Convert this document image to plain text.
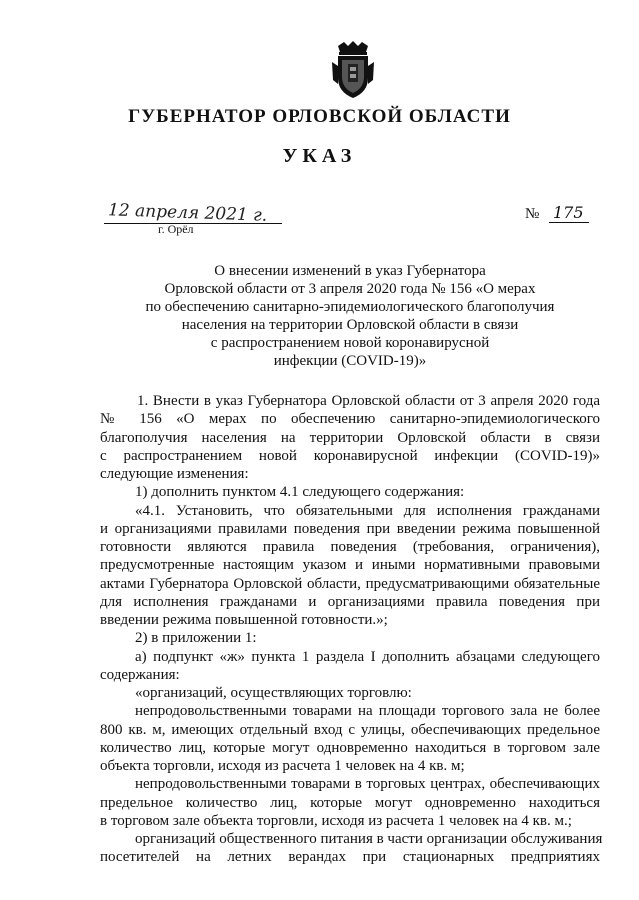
ГУБЕРНАТОР ОРЛОВСКОЙ ОБЛАСТИ
УКАЗ
12 апреля 2021 г.
г. Орёл
№ 175
О внесении изменений в указ Губернатора
Орловской области от 3 апреля 2020 года № 156 «О мерах
по обеспечению санитарно-эпидемиологического благополучия
населения на территории Орловской области в связи
с распространением новой коронавирусной
инфекции (COVID-19)»
1. Внести в указ Губернатора Орловской области от 3 апреля 2020 года
№ 156 «О мерах по обеспечению санитарно-эпидемиологического
благополучия населения на территории Орловской области в связи
с распространением новой коронавирусной инфекции (COVID-19)»
следующие изменения:
1) дополнить пунктом 4.1 следующего содержания:
«4.1. Установить, что обязательными для исполнения гражданами
и организациями правилами поведения при введении режима повышенной
готовности являются правила поведения (требования, ограничения),
предусмотренные настоящим указом и иными нормативными правовыми
актами Губернатора Орловской области, предусматривающими обязательные
для исполнения гражданами и организациями правила поведения при
введении режима повышенной готовности.»;
2) в приложении 1:
а) подпункт «ж» пункта 1 раздела I дополнить абзацами следующего
содержания:
«организаций, осуществляющих торговлю:
непродовольственными товарами на площади торгового зала не более
800 кв. м, имеющих отдельный вход с улицы, обеспечивающих предельное
количество лиц, которые могут одновременно находиться в торговом зале
объекта торговли, исходя из расчета 1 человек на 4 кв. м;
непродовольственными товарами в торговых центрах, обеспечивающих
предельное количество лиц, которые могут одновременно находиться
в торговом зале объекта торговли, исходя из расчета 1 человек на 4 кв. м.;
организаций общественного питания в части организации обслуживания
посетителей на летних верандах при стационарных предприятиях
